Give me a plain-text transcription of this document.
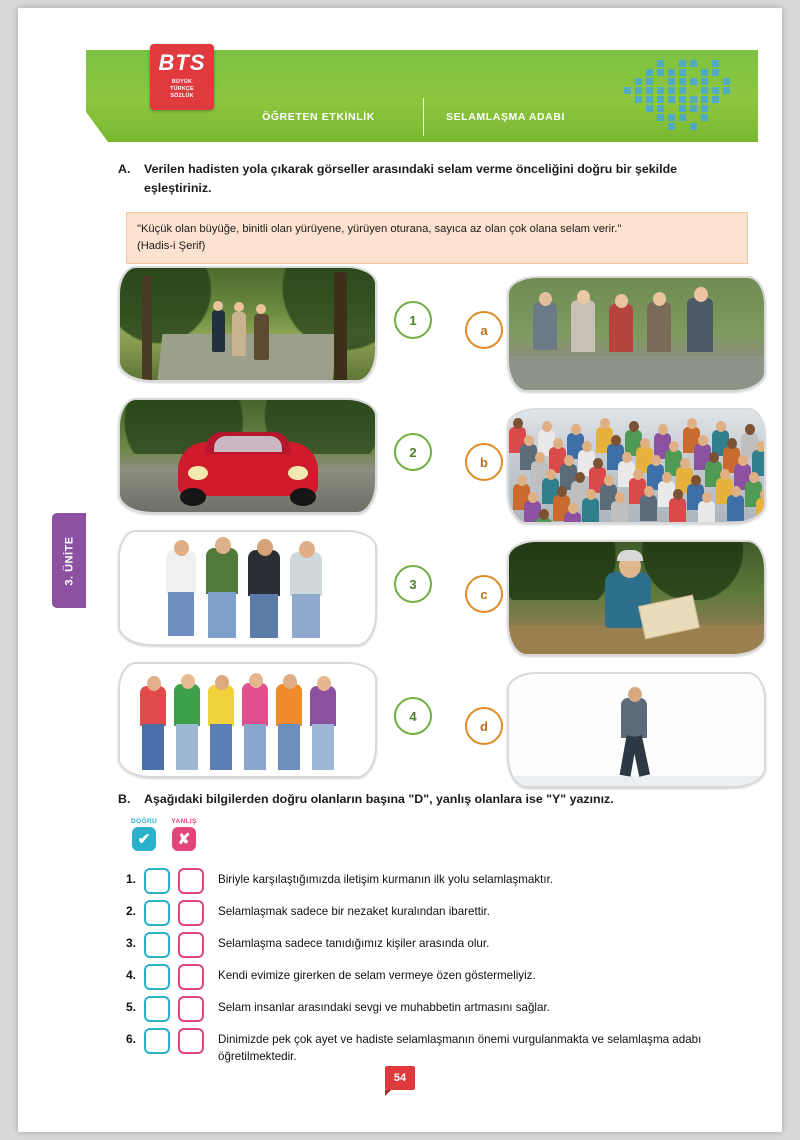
ÖĞRETEN ETKİNLİK	SELAMLAŞMA ADABI
BTS
BÜYÜK
TÜRKÇE
SÖZLÜK
3. ÜNİTE
A.	Verilen hadisten yola çıkarak görseller arasındaki selam verme önceliğini doğru bir şekilde eşleştiriniz.
"Küçük olan büyüğe, binitli olan yürüyene, yürüyen oturana, sayıca az olan çok olana selam verir."
(Hadis-i Şerif)
1
2
3
4
a
b
c
d
B.	Aşağıdaki bilgilerden doğru olanların başına "D", yanlış olanlara ise "Y" yazınız.
DOĞRU
✔
YANLIŞ
✘
1.	Biriyle karşılaştığımızda iletişim kurmanın ilk yolu selamlaşmaktır.
2.	Selamlaşmak sadece bir nezaket kuralından ibarettir.
3.	Selamlaşma sadece tanıdığımız kişiler arasında olur.
4.	Kendi evimize girerken de selam vermeye özen göstermeliyiz.
5.	Selam insanlar arasındaki sevgi ve muhabbetin artmasını sağlar.
6.	Dinimizde pek çok ayet ve hadiste selamlaşmanın önemi vurgulanmakta ve selamlaşma adabı öğretilmektedir.
54
